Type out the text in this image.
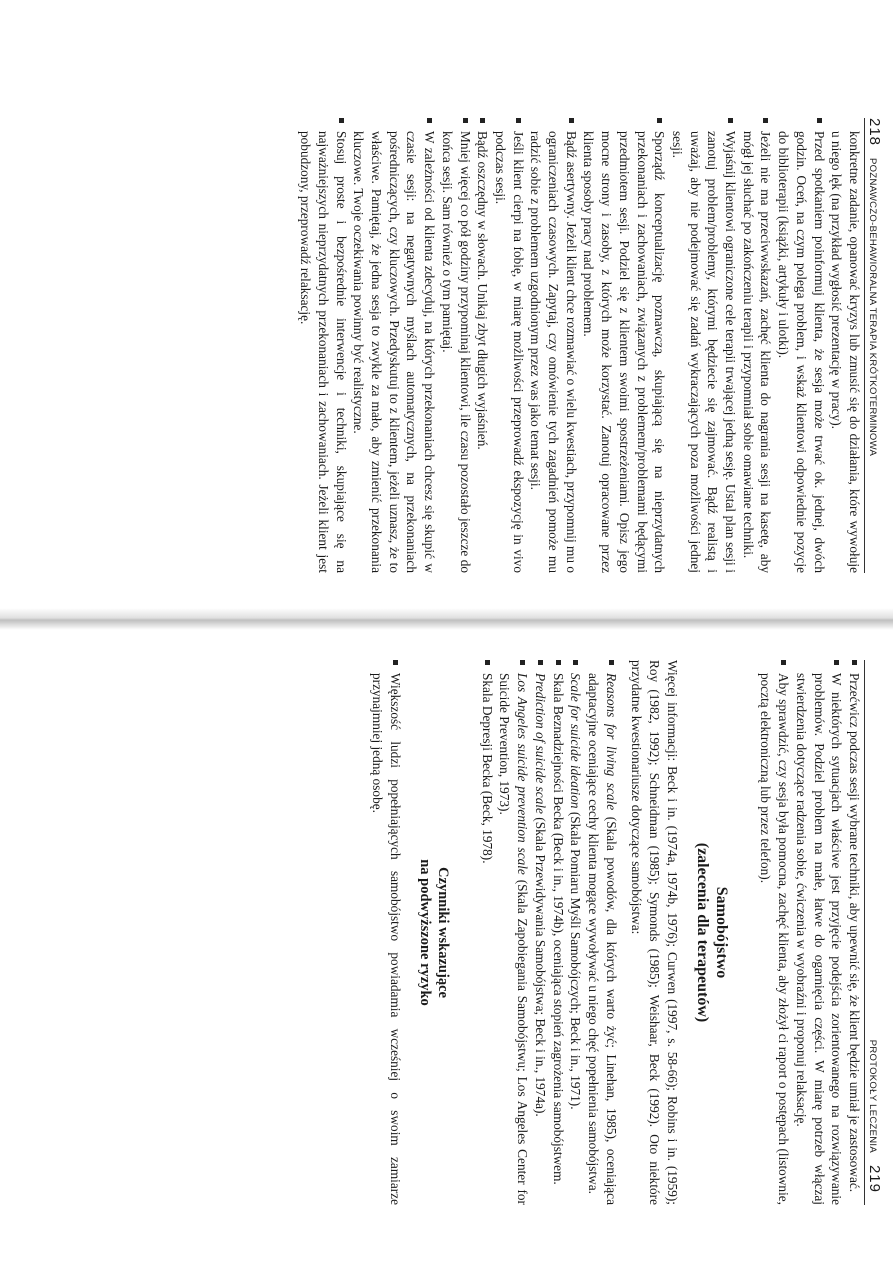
218
POZNAWCZO-BEHAWIORALNA TERAPIA KRÓTKOTERMINOWA

konkretne zadanie, opanować kryzys lub zmusić się do działania, które wywołuje u niego lęk (na przykład wygłosić prezentację w pracy).

Przed spotkaniem poinformuj klienta, że sesja może trwać ok. jednej, dwóch godzin. Oceń, na czym polega problem, i wskaż klientowi odpowiednie pozycje do biblioterapii (książki, artykuły i ulotki).
Jeżeli nie ma przeciwwskazań, zachęć klienta do nagrania sesji na kasetę, aby mógł jej słuchać po zakończeniu terapii i przypomniał sobie omawiane techniki.
Wyjaśnij klientowi ograniczone cele terapii trwającej jedną sesję. Ustal plan sesji i zanotuj problem/problemy, którymi będziecie się zajmować. Bądź realistą i uważaj, aby nie podejmować się zadań wykraczających poza możliwości jednej sesji.
Sporządź konceptualizację poznawczą, skupiającą się na nieprzydatnych przekonaniach i zachowaniach, związanych z problemem/problemami będącymi przedmiotem sesji. Podziel się z klientem swoimi spostrzeżeniami. Opisz jego mocne strony i zasoby, z których może korzystać. Zanotuj opracowane przez klienta sposoby pracy nad problemem.
Bądź asertywny. Jeżeli klient chce rozmawiać o wielu kwestiach, przypomnij mu o ograniczeniach czasowych. Zapytaj, czy omówienie tych zagadnień pomoże mu radzić sobie z problemem uzgodnionym przez was jako temat sesji.
Jeśli klient cierpi na fobię, w miarę możliwości przeprowadź ekspozycję in vivo podczas sesji.
Bądź oszczędny w słowach. Unikaj zbyt długich wyjaśnień.
Mniej więcej co pół godziny przypominaj klientowi, ile czasu pozostało jeszcze do końca sesji. Sam również o tym pamiętaj.
W zależności od klienta zdecyduj, na których przekonaniach chcesz się skupić w czasie sesji: na negatywnych myślach automatycznych, na przekonaniach pośredniczących, czy kluczowych. Przedyskutuj to z klientem, jeżeli uznasz, że to właściwe. Pamiętaj, że jedna sesja to zwykle za mało, aby zmienić przekonania kluczowe. Twoje oczekiwania powinny być realistyczne.
Stosuj proste i bezpośrednie interwencje i techniki, skupiające się na najważniejszych nieprzydatnych przekonaniach i zachowaniach. Jeżeli klient jest pobudzony, przeprowadź relaksację.
PROTOKOŁY LECZENIA
219
Przećwicz podczas sesji wybrane techniki, aby upewnić się, że klient będzie umiał je zastosować.
W niektórych sytuacjach właściwe jest przyjęcie podejścia zorientowanego na rozwiązywanie problemów. Podziel problem na małe, łatwe do ogarnięcia części. W miarę potrzeb włączaj stwierdzenia dotyczące radzenia sobie, ćwiczenia w wyobraźni i proponuj relaksację.
Aby sprawdzić, czy sesja była pomocna, zachęć klienta, aby złożył ci raport o postępach (listownie, pocztą elektroniczną lub przez telefon).
Samobójstwo
(zalecenia dla terapeutów)

Więcej informacji: Beck i in. (1974a, 1974b, 1976); Curwen (1997, s. 58-66); Robins i in. (1959); Roy (1982, 1992); Schneidman (1985); Symonds (1985); Weishaar, Beck (1992). Oto niektóre przydatne kwestionariusze dotyczące samobójstwa:

Reasons for living scale (Skala powodów, dla których warto żyć; Linehan, 1985), oceniająca adaptacyjne oceniające cechy klienta mogące wywoływać u niego chęć popełnienia samobójstwa.
Scale for suicide ideation (Skala Pomiaru Myśli Samobójczych; Beck i in., 1971).
Skala Beznadziejności Becka (Beck i in., 1974b), oceniająca stopień zagrożenia samobójstwem.
Prediction of suicide scale (Skala Przewidywania Samobójstwa; Beck i in., 1974a).
Los Angeles suicide prevention scale (Skala Zapobiegania Samobójstwu; Los Angeles Center for Suicide Prevention, 1973).
Skala Depresji Becka (Beck, 1978).
Czynniki wskazujące
na podwyższone ryzyko
Większość ludzi popełniających samobójstwo powiadamia wcześniej o swoim zamiarze przynajmniej jedną osobę.
